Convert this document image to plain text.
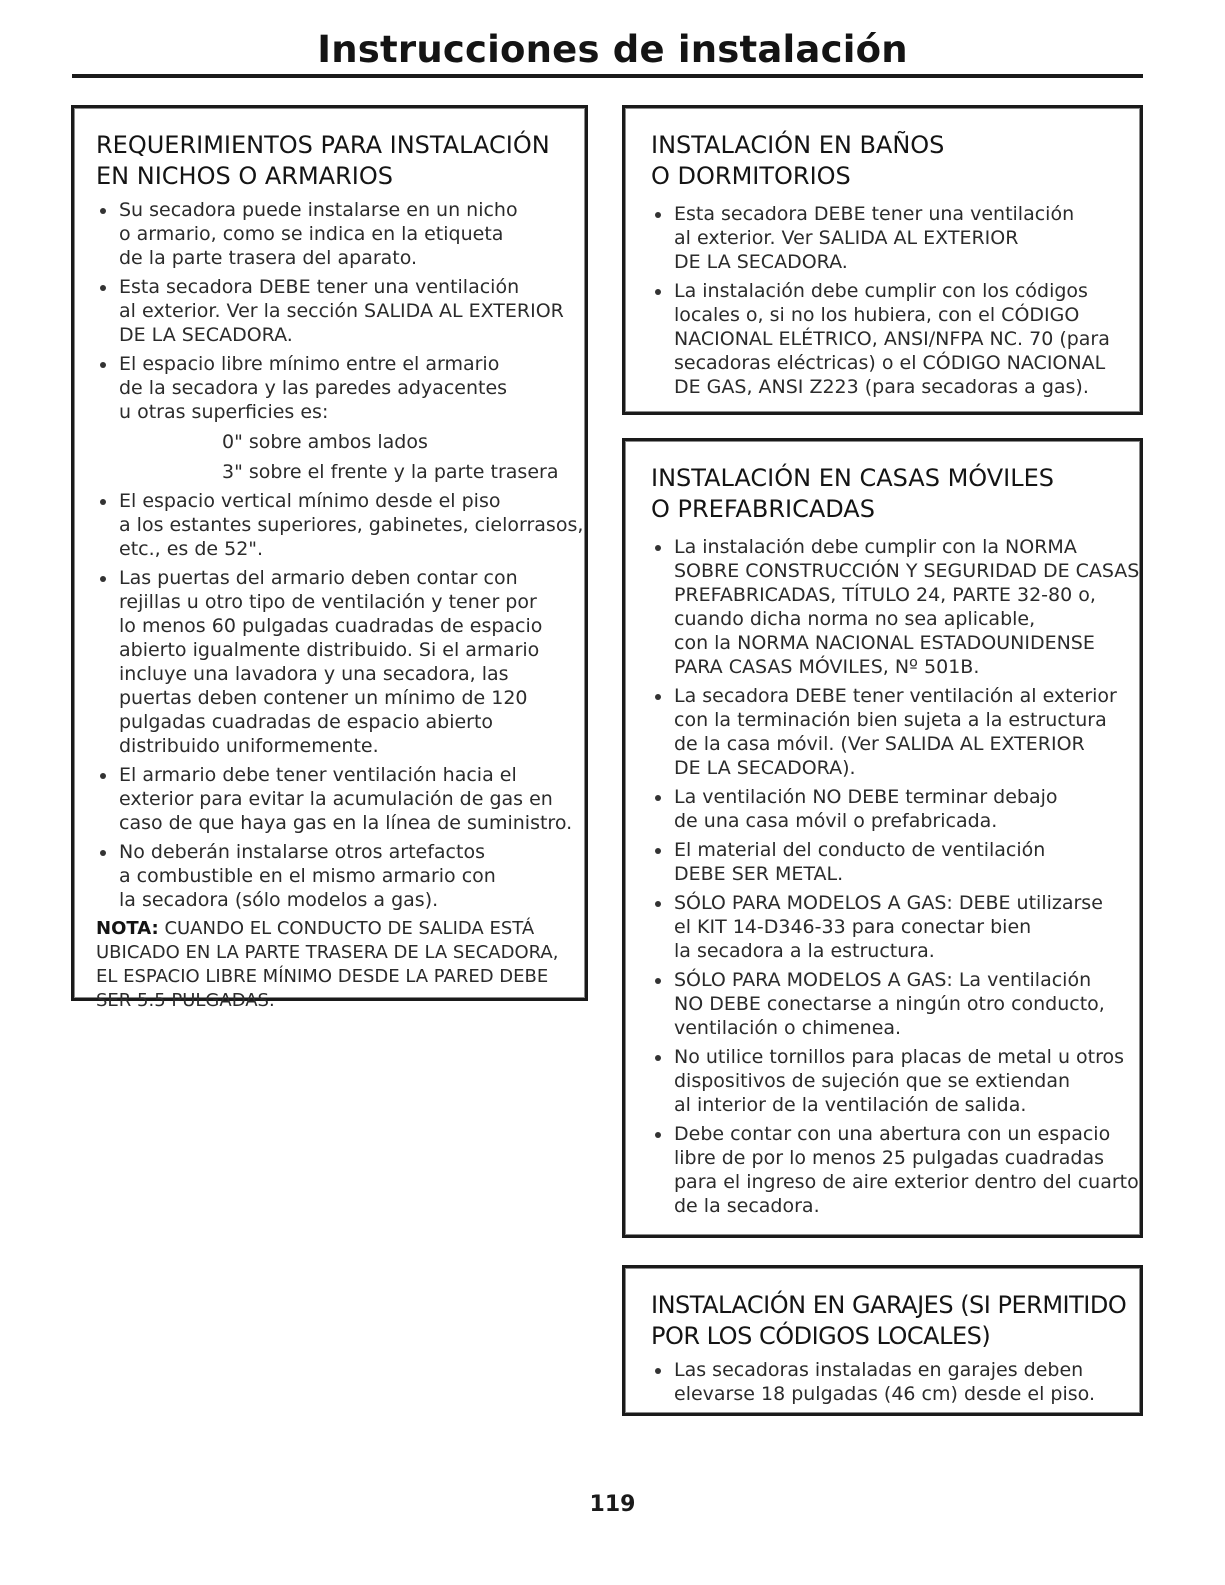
Instrucciones de instalación
REQUERIMIENTOS PARA INSTALACIÓN
EN NICHOS O ARMARIOS
Su secadora puede instalarse en un nicho
o armario, como se indica en la etiqueta
de la parte trasera del aparato.
Esta secadora DEBE tener una ventilación
al exterior. Ver la sección SALIDA AL EXTERIOR
DE LA SECADORA.
El espacio libre mínimo entre el armario
de la secadora y las paredes adyacentes
u otras superficies es:
0" sobre ambos lados
3" sobre el frente y la parte trasera
El espacio vertical mínimo desde el piso
a los estantes superiores, gabinetes, cielorrasos,
etc., es de 52".
Las puertas del armario deben contar con
rejillas u otro tipo de ventilación y tener por
lo menos 60 pulgadas cuadradas de espacio
abierto igualmente distribuido. Si el armario
incluye una lavadora y una secadora, las
puertas deben contener un mínimo de 120
pulgadas cuadradas de espacio abierto
distribuido uniformemente.
El armario debe tener ventilación hacia el
exterior para evitar la acumulación de gas en
caso de que haya gas en la línea de suministro.
No deberán instalarse otros artefactos
a combustible en el mismo armario con
la secadora (sólo modelos a gas).
NOTA: CUANDO EL CONDUCTO DE SALIDA ESTÁ
UBICADO EN LA PARTE TRASERA DE LA SECADORA,
EL ESPACIO LIBRE MÍNIMO DESDE LA PARED DEBE
SER 5.5 PULGADAS.
INSTALACIÓN EN BAÑOS
O DORMITORIOS
Esta secadora DEBE tener una ventilación
al exterior. Ver SALIDA AL EXTERIOR
DE LA SECADORA.
La instalación debe cumplir con los códigos
locales o, si no los hubiera, con el CÓDIGO
NACIONAL ELÉTRICO, ANSI/NFPA NC. 70 (para
secadoras eléctricas) o el CÓDIGO NACIONAL
DE GAS, ANSI Z223 (para secadoras a gas).
INSTALACIÓN EN CASAS MÓVILES
O PREFABRICADAS
La instalación debe cumplir con la NORMA
SOBRE CONSTRUCCIÓN Y SEGURIDAD DE CASAS
PREFABRICADAS, TÍTULO 24, PARTE 32-80 o,
cuando dicha norma no sea aplicable,
con la NORMA NACIONAL ESTADOUNIDENSE
PARA CASAS MÓVILES, Nº 501B.
La secadora DEBE tener ventilación al exterior
con la terminación bien sujeta a la estructura
de la casa móvil. (Ver SALIDA AL EXTERIOR
DE LA SECADORA).
La ventilación NO DEBE terminar debajo
de una casa móvil o prefabricada.
El material del conducto de ventilación
DEBE SER METAL.
SÓLO PARA MODELOS A GAS: DEBE utilizarse
el KIT 14-D346-33 para conectar bien
la secadora a la estructura.
SÓLO PARA MODELOS A GAS: La ventilación
NO DEBE conectarse a ningún otro conducto,
ventilación o chimenea.
No utilice tornillos para placas de metal u otros
dispositivos de sujeción que se extiendan
al interior de la ventilación de salida.
Debe contar con una abertura con un espacio
libre de por lo menos 25 pulgadas cuadradas
para el ingreso de aire exterior dentro del cuarto
de la secadora.
INSTALACIÓN EN GARAJES (SI PERMITIDO
POR LOS CÓDIGOS LOCALES)
Las secadoras instaladas en garajes deben
elevarse 18 pulgadas (46 cm) desde el piso.
119
